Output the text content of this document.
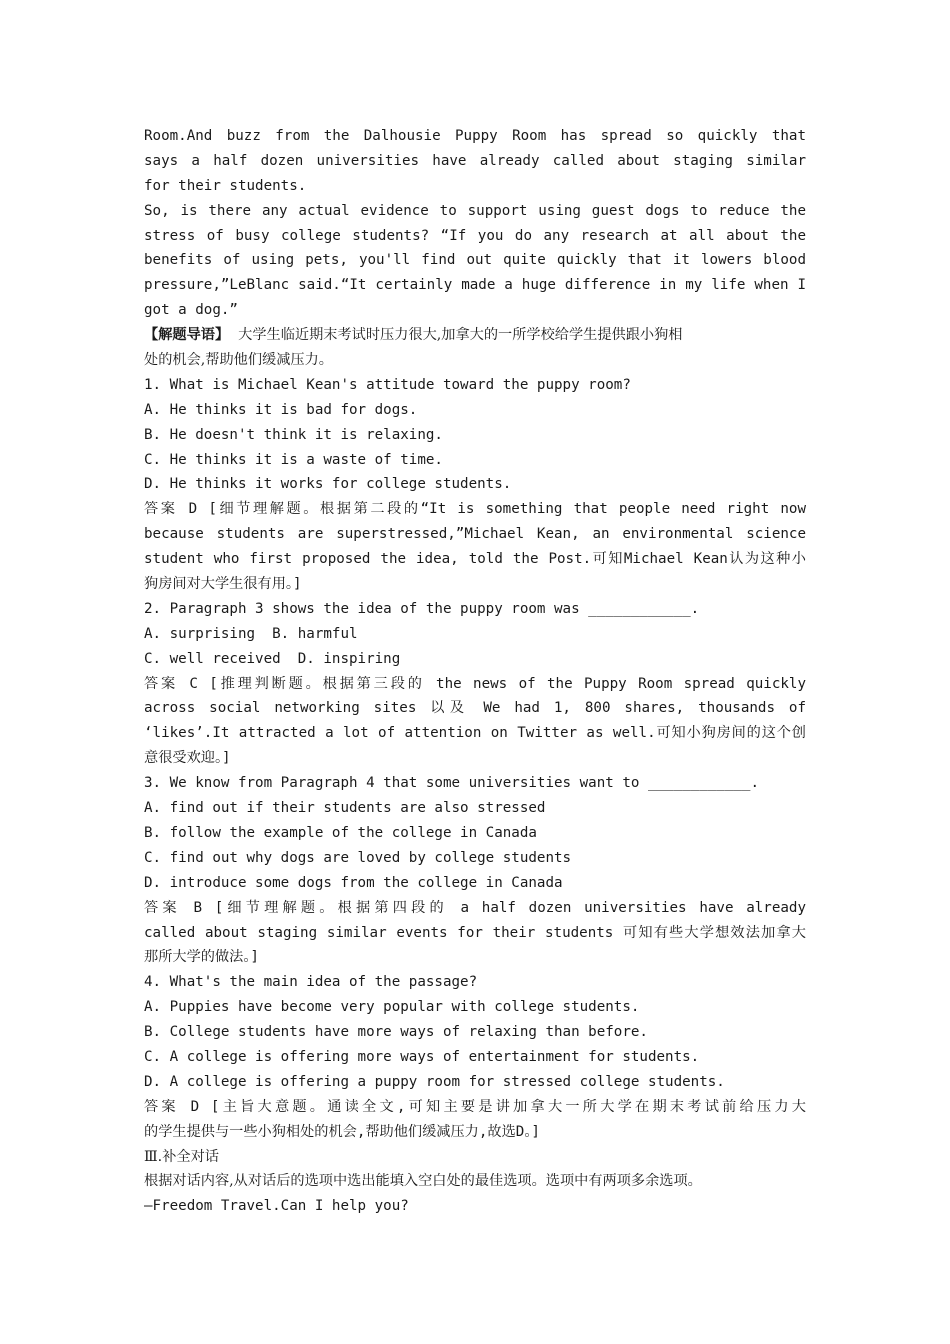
Room.And buzz from the Dalhousie Puppy Room has spread so quickly that
says a half dozen universities have already called about staging similar
for their students.
So, is there any actual evidence to support using guest dogs to reduce the
stress of busy college students? “If you do any research at all about the
benefits of using pets, you'll find out quite quickly that it lowers blood
pressure,”LeBlanc said.“It certainly made a huge difference in my life when I
got a dog.”
【解题导语】  大学生临近期末考试时压力很大,加拿大的一所学校给学生提供跟小狗相
处的机会,帮助他们缓减压力。
1. What is Michael Kean's attitude toward the puppy room?
A. He thinks it is bad for dogs.
B. He doesn't think it is relaxing.
C. He thinks it is a waste of time.
D. He thinks it works for college students.
答案 D [细节理解题。根据第二段的“It is something that people need right now
because students are superstressed,”Michael Kean, an environmental science
student who first proposed the idea, told the Post.可知Michael Kean认为这种小
狗房间对大学生很有用。]
2. Paragraph 3 shows the idea of the puppy room was ____________.
A. surprising  B. harmful
C. well received  D. inspiring
答案 C [推理判断题。根据第三段的 the news of the Puppy Room spread quickly
across social networking sites 以及 We had 1, 800 shares, thousands of
‘likes’.It attracted a lot of attention on Twitter as well.可知小狗房间的这个创
意很受欢迎。]
3. We know from Paragraph 4 that some universities want to ____________.
A. find out if their students are also stressed
B. follow the example of the college in Canada
C. find out why dogs are loved by college students
D. introduce some dogs from the college in Canada
答案 B [细节理解题。根据第四段的 a half dozen universities have already
called about staging similar events for their students 可知有些大学想效法加拿大
那所大学的做法。]
4. What's the main idea of the passage?
A. Puppies have become very popular with college students.
B. College students have more ways of relaxing than before.
C. A college is offering more ways of entertainment for students.
D. A college is offering a puppy room for stressed college students.
答案 D [主旨大意题。通读全文,可知主要是讲加拿大一所大学在期末考试前给压力大
的学生提供与一些小狗相处的机会,帮助他们缓减压力,故选D。]
Ⅲ.补全对话
根据对话内容,从对话后的选项中选出能填入空白处的最佳选项。选项中有两项多余选项。
—Freedom Travel.Can I help you?
